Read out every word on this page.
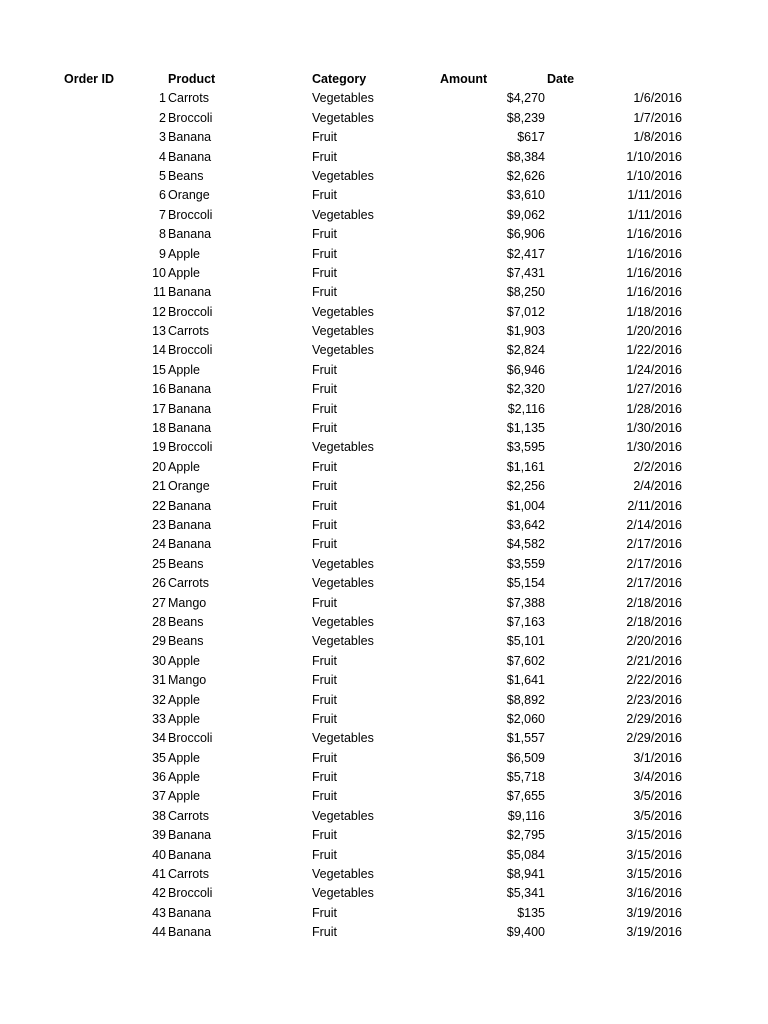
Order ID	Product	Category	Amount	Date
1 Carrots	Vegetables	$4,270	1/6/2016
2 Broccoli	Vegetables	$8,239	1/7/2016
3 Banana	Fruit	$617	1/8/2016
4 Banana	Fruit	$8,384	1/10/2016
5 Beans	Vegetables	$2,626	1/10/2016
6 Orange	Fruit	$3,610	1/11/2016
7 Broccoli	Vegetables	$9,062	1/11/2016
8 Banana	Fruit	$6,906	1/16/2016
9 Apple	Fruit	$2,417	1/16/2016
10 Apple	Fruit	$7,431	1/16/2016
11 Banana	Fruit	$8,250	1/16/2016
12 Broccoli	Vegetables	$7,012	1/18/2016
13 Carrots	Vegetables	$1,903	1/20/2016
14 Broccoli	Vegetables	$2,824	1/22/2016
15 Apple	Fruit	$6,946	1/24/2016
16 Banana	Fruit	$2,320	1/27/2016
17 Banana	Fruit	$2,116	1/28/2016
18 Banana	Fruit	$1,135	1/30/2016
19 Broccoli	Vegetables	$3,595	1/30/2016
20 Apple	Fruit	$1,161	2/2/2016
21 Orange	Fruit	$2,256	2/4/2016
22 Banana	Fruit	$1,004	2/11/2016
23 Banana	Fruit	$3,642	2/14/2016
24 Banana	Fruit	$4,582	2/17/2016
25 Beans	Vegetables	$3,559	2/17/2016
26 Carrots	Vegetables	$5,154	2/17/2016
27 Mango	Fruit	$7,388	2/18/2016
28 Beans	Vegetables	$7,163	2/18/2016
29 Beans	Vegetables	$5,101	2/20/2016
30 Apple	Fruit	$7,602	2/21/2016
31 Mango	Fruit	$1,641	2/22/2016
32 Apple	Fruit	$8,892	2/23/2016
33 Apple	Fruit	$2,060	2/29/2016
34 Broccoli	Vegetables	$1,557	2/29/2016
35 Apple	Fruit	$6,509	3/1/2016
36 Apple	Fruit	$5,718	3/4/2016
37 Apple	Fruit	$7,655	3/5/2016
38 Carrots	Vegetables	$9,116	3/5/2016
39 Banana	Fruit	$2,795	3/15/2016
40 Banana	Fruit	$5,084	3/15/2016
41 Carrots	Vegetables	$8,941	3/15/2016
42 Broccoli	Vegetables	$5,341	3/16/2016
43 Banana	Fruit	$135	3/19/2016
44 Banana	Fruit	$9,400	3/19/2016
